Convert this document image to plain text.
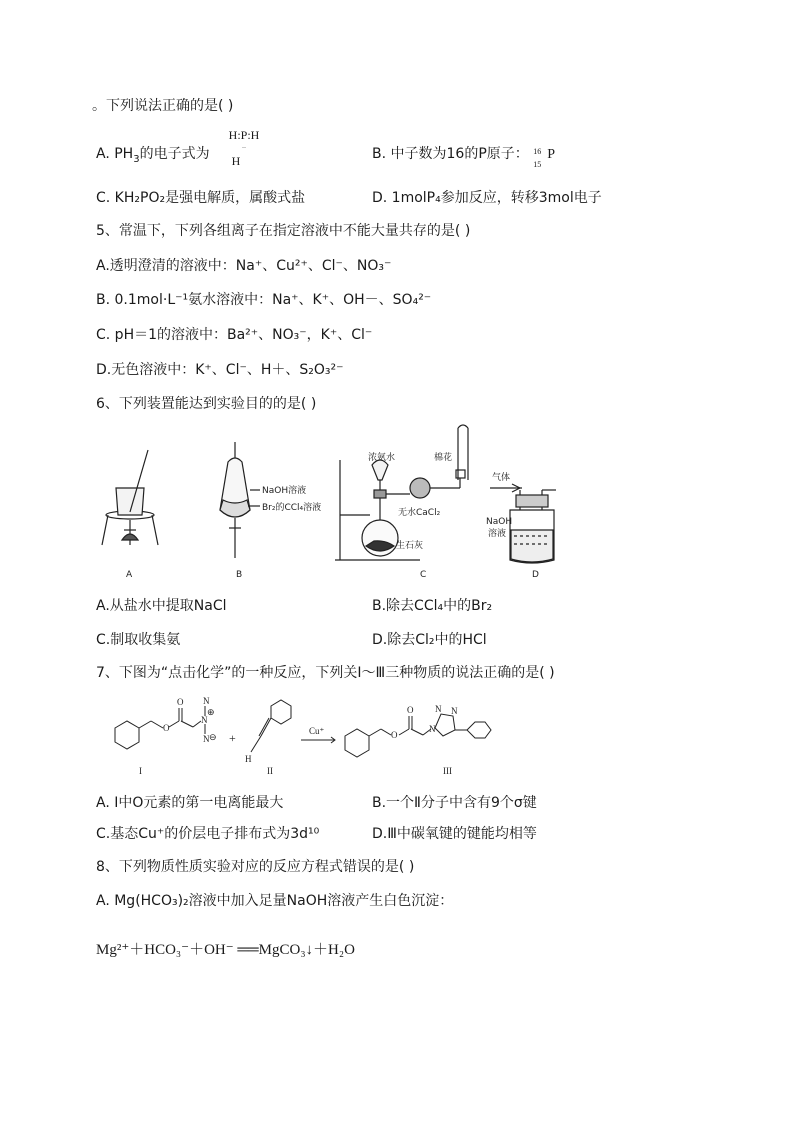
。下列说法正确的是( )
A. $PH_3$的电子式为
H:P:H
..
H	B. 中子数为16的P原子： 16
15
P
C. KH₂PO₂是强电解质，属酸式盐	D. 1molP₄参加反应，转移3mol电子
5、常温下，下列各组离子在指定溶液中不能大量共存的是( )
A.透明澄清的溶液中：Na⁺、Cu²⁺、Cl⁻、NO₃⁻
B. 0.1mol·L⁻¹氨水溶液中：Na⁺、K⁺、OH－、SO₄²⁻
C. pH＝1的溶液中：Ba²⁺、NO₃⁻，K⁺、Cl⁻
D.无色溶液中：K⁺、Cl⁻、H＋、S₂O₃²⁻
6、下列装置能达到实验目的的是( )
A
NaOH溶液
Br₂的CCl₄溶液
B
浓氨水	棉花
无水CaCl₂
生石灰
C
气体
NaOH
溶液
D
A.从盐水中提取NaCl	B.除去CCl₄中的Br₂
C.制取收集氨	D.除去Cl₂中的HCl
7、下图为“点击化学”的一种反应，下列关Ⅰ～Ⅲ三种物质的说法正确的是( )
O
O
N
⊕
N
N ⊖
I
+
H
II
Cu⁺	O
O
N
N N
III
A. Ⅰ中O元素的第一电离能最大	B.一个Ⅱ分子中含有9个σ键
C.基态Cu⁺的价层电子排布式为3d¹⁰	D.Ⅲ中碳氧键的键能均相等
8、下列物质性质实验对应的反应方程式错误的是( )
A. Mg(HCO₃)₂溶液中加入足量NaOH溶液产生白色沉淀：
Mg²⁺＋HCO₃⁻＋OH⁻ ══MgCO₃↓＋H₂O
